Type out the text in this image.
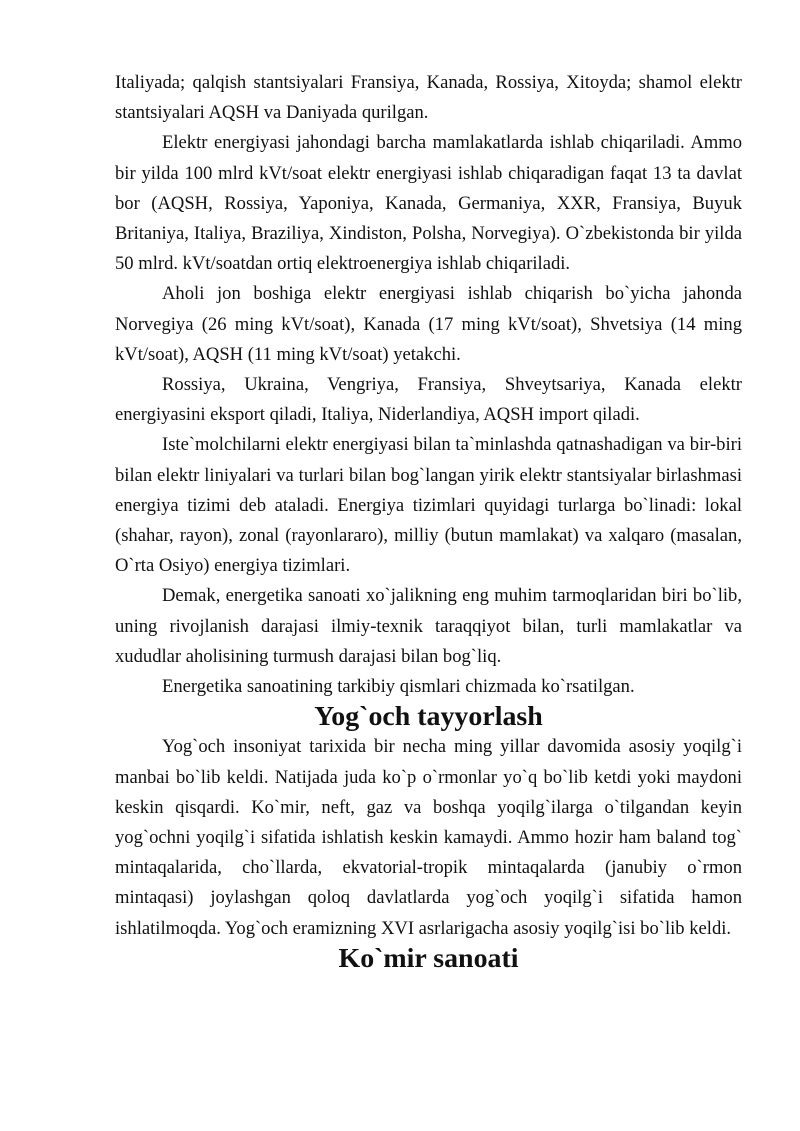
Italiyada; qalqish stantsiyalari Fransiya, Kanada, Rossiya, Xitoyda; shamol elektr stantsiyalari AQSH va Daniyada qurilgan.

Elektr energiyasi jahondagi barcha mamlakatlarda ishlab chiqariladi. Ammo bir yilda 100 mlrd kVt/soat elektr energiyasi ishlab chiqaradigan faqat 13 ta davlat bor (AQSH, Rossiya, Yaponiya, Kanada, Germaniya, XXR, Fransiya, Buyuk Britaniya, Italiya, Braziliya, Xindiston, Polsha, Norvegiya). O`zbekistonda bir yilda 50 mlrd. kVt/soatdan ortiq elektroenergiya ishlab chiqariladi.

Aholi jon boshiga elektr energiyasi ishlab chiqarish bo`yicha jahonda Norvegiya (26 ming kVt/soat), Kanada (17 ming kVt/soat), Shvetsiya (14 ming kVt/soat), AQSH (11 ming kVt/soat) yetakchi.

Rossiya, Ukraina, Vengriya, Fransiya, Shveytsariya, Kanada elektr energiyasini eksport qiladi, Italiya, Niderlandiya, AQSH import qiladi.

Iste`molchilarni elektr energiyasi bilan ta`minlashda qatnashadigan va bir-biri bilan elektr liniyalari va turlari bilan bog`langan yirik elektr stantsiyalar birlashmasi energiya tizimi deb ataladi. Energiya tizimlari quyidagi turlarga bo`linadi: lokal (shahar, rayon), zonal (rayonlararo), milliy (butun mamlakat) va xalqaro (masalan, O`rta Osiyo) energiya tizimlari.

Demak, energetika sanoati xo`jalikning eng muhim tarmoqlaridan biri bo`lib, uning rivojlanish darajasi ilmiy-texnik taraqqiyot bilan, turli mamlakatlar va xududlar aholisining turmush darajasi bilan bog`liq.

Energetika sanoatining tarkibiy qismlari chizmada ko`rsatilgan.

Yog`och tayyorlash

Yog`och insoniyat tarixida bir necha ming yillar davomida asosiy yoqilg`i manbai bo`lib keldi. Natijada juda ko`p o`rmonlar yo`q bo`lib ketdi yoki maydoni keskin qisqardi. Ko`mir, neft, gaz va boshqa yoqilg`ilarga o`tilgandan keyin yog`ochni yoqilg`i sifatida ishlatish keskin kamaydi. Ammo hozir ham baland tog` mintaqalarida, cho`llarda, ekvatorial-tropik mintaqalarda (janubiy o`rmon mintaqasi) joylashgan qoloq davlatlarda yog`och yoqilg`i sifatida hamon ishlatilmoqda. Yog`och eramizning XVI asrlarigacha asosiy yoqilg`isi bo`lib keldi.

Ko`mir sanoati
